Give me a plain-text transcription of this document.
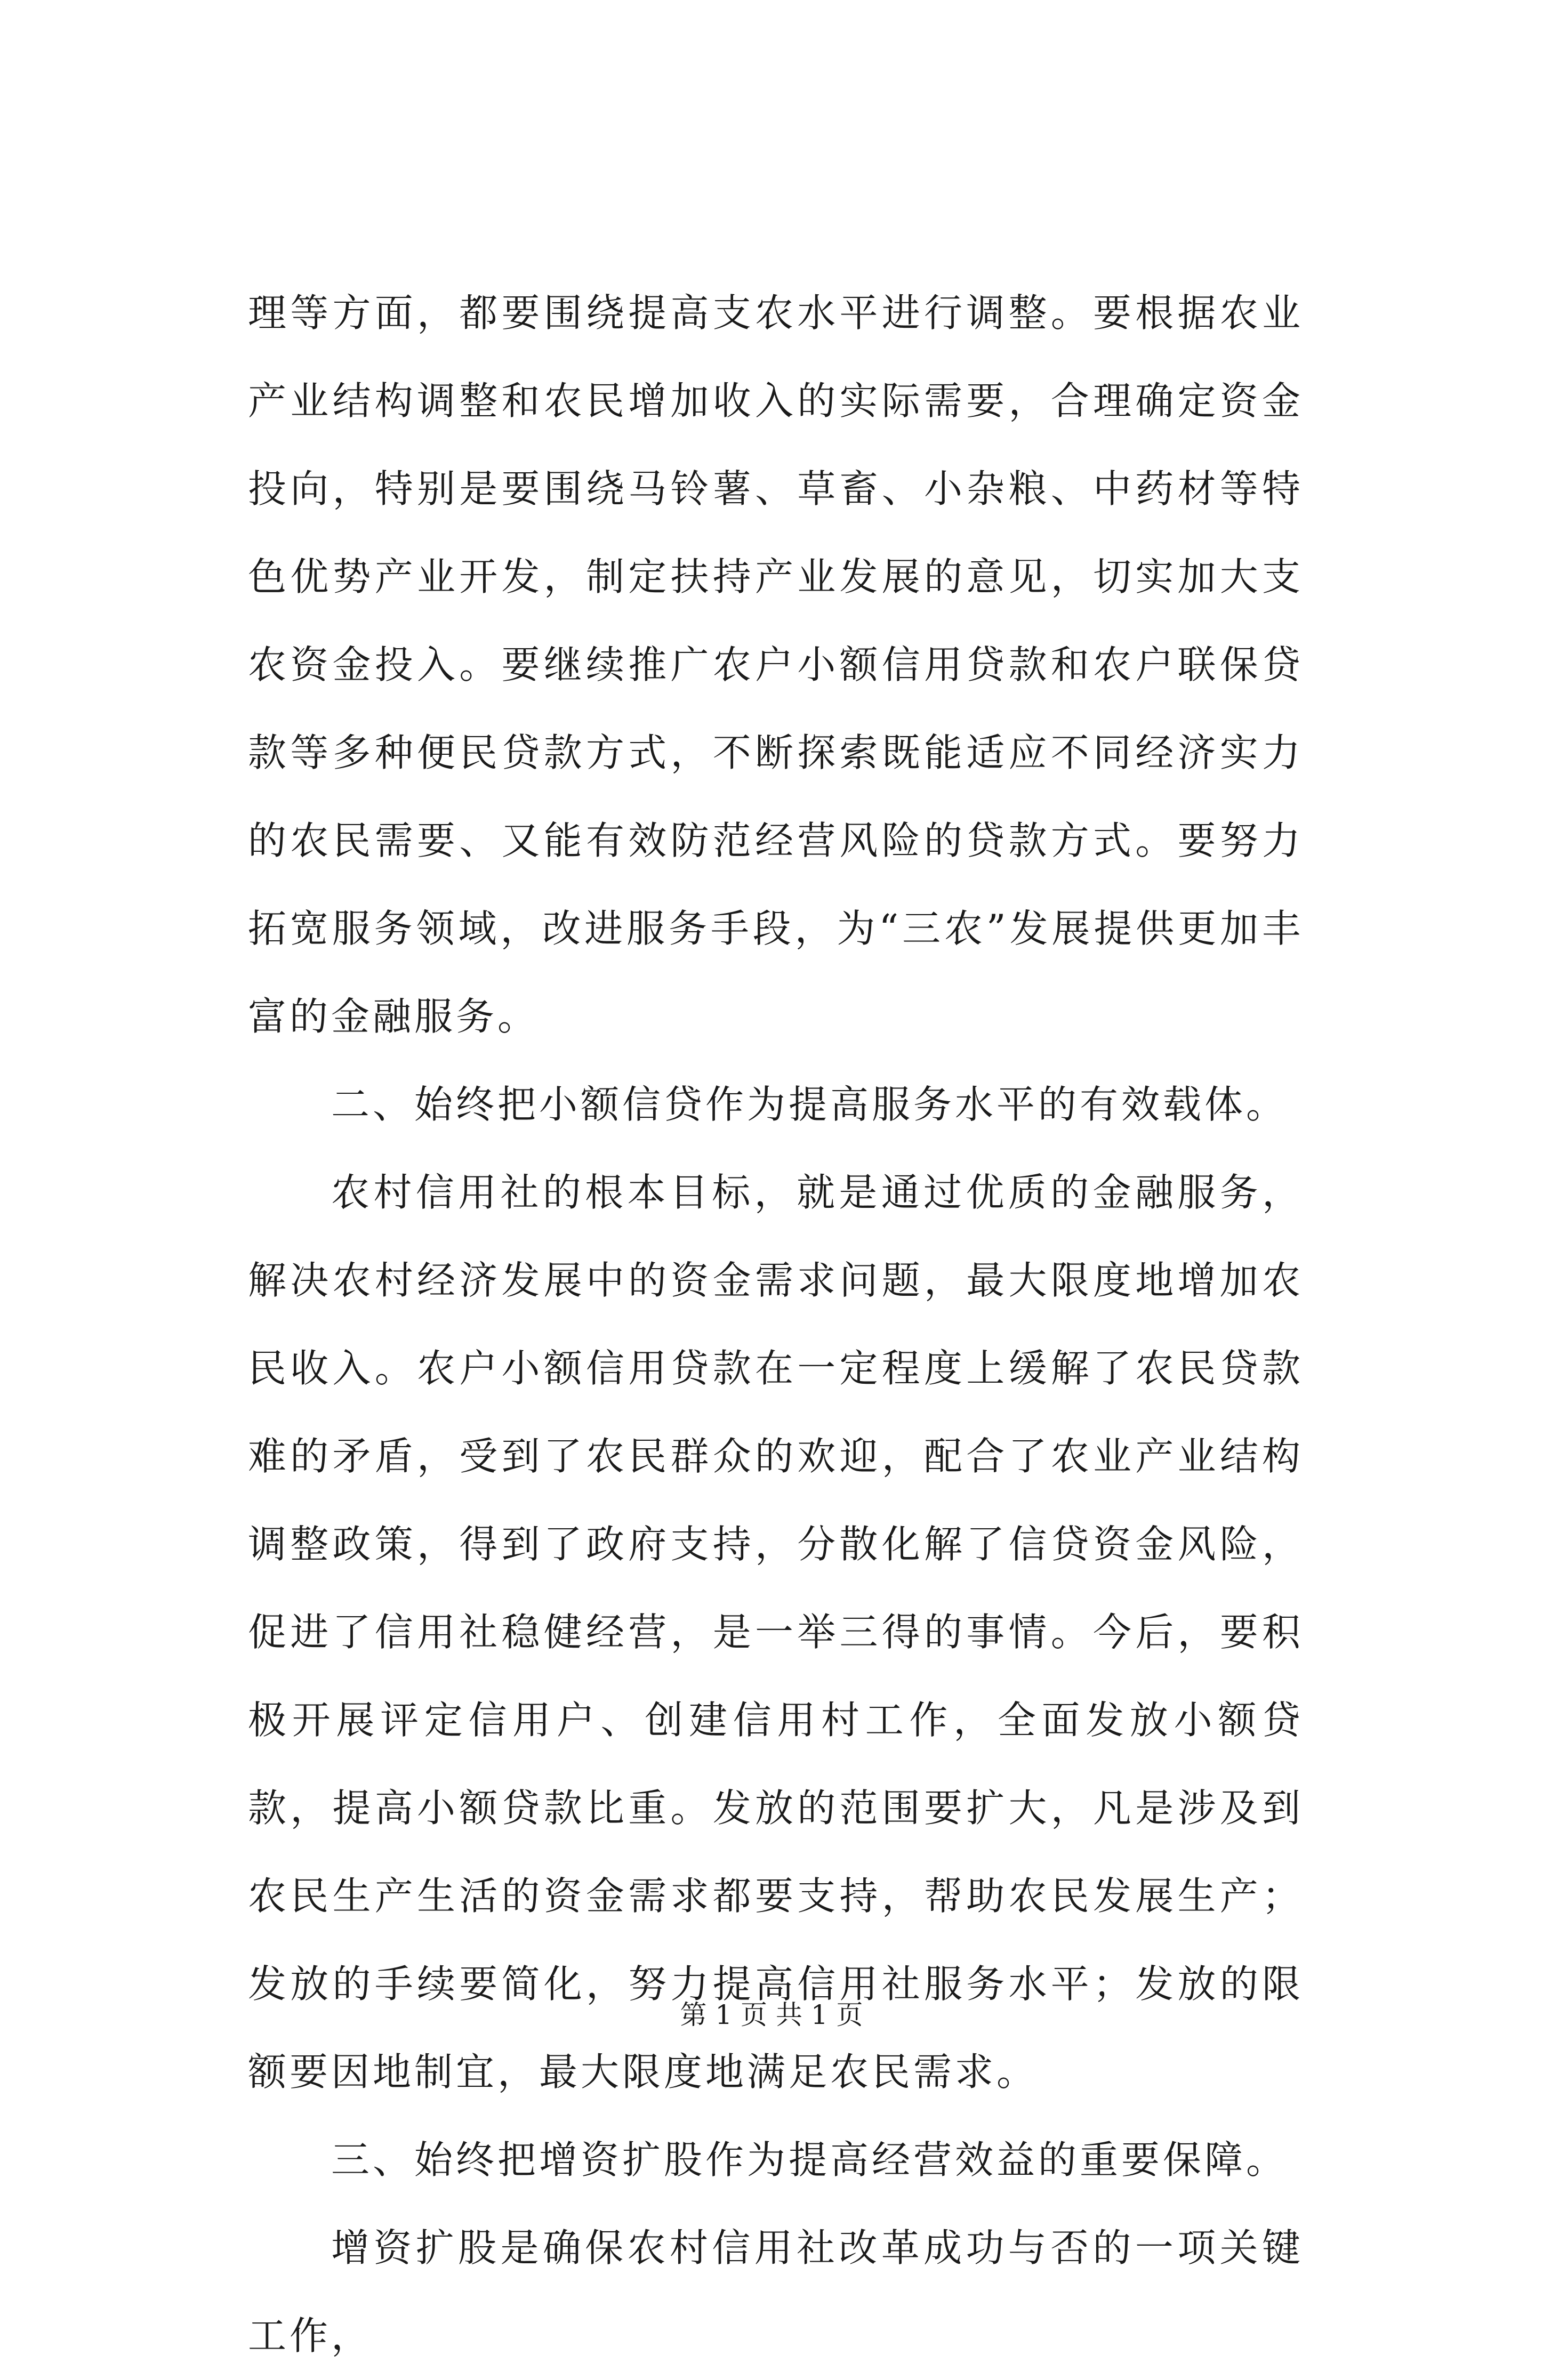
理等方面，都要围绕提高支农水平进行调整。要根据农业产业结构调整和农民增加收入的实际需要，合理确定资金投向，特别是要围绕马铃薯、草畜、小杂粮、中药材等特色优势产业开发，制定扶持产业发展的意见，切实加大支农资金投入。要继续推广农户小额信用贷款和农户联保贷款等多种便民贷款方式，不断探索既能适应不同经济实力的农民需要、又能有效防范经营风险的贷款方式。要努力拓宽服务领域，改进服务手段，为“三农”发展提供更加丰富的金融服务。

二、始终把小额信贷作为提高服务水平的有效载体。

农村信用社的根本目标，就是通过优质的金融服务，解决农村经济发展中的资金需求问题，最大限度地增加农民收入。农户小额信用贷款在一定程度上缓解了农民贷款难的矛盾，受到了农民群众的欢迎，配合了农业产业结构调整政策，得到了政府支持，分散化解了信贷资金风险，促进了信用社稳健经营，是一举三得的事情。今后，要积极开展评定信用户、创建信用村工作，全面发放小额贷款，提高小额贷款比重。发放的范围要扩大，凡是涉及到农民生产生活的资金需求都要支持，帮助农民发展生产；发放的手续要简化，努力提高信用社服务水平；发放的限额要因地制宜，最大限度地满足农民需求。

三、始终把增资扩股作为提高经营效益的重要保障。

增资扩股是确保农村信用社改革成功与否的一项关键工作，

第 1 页 共 1 页
